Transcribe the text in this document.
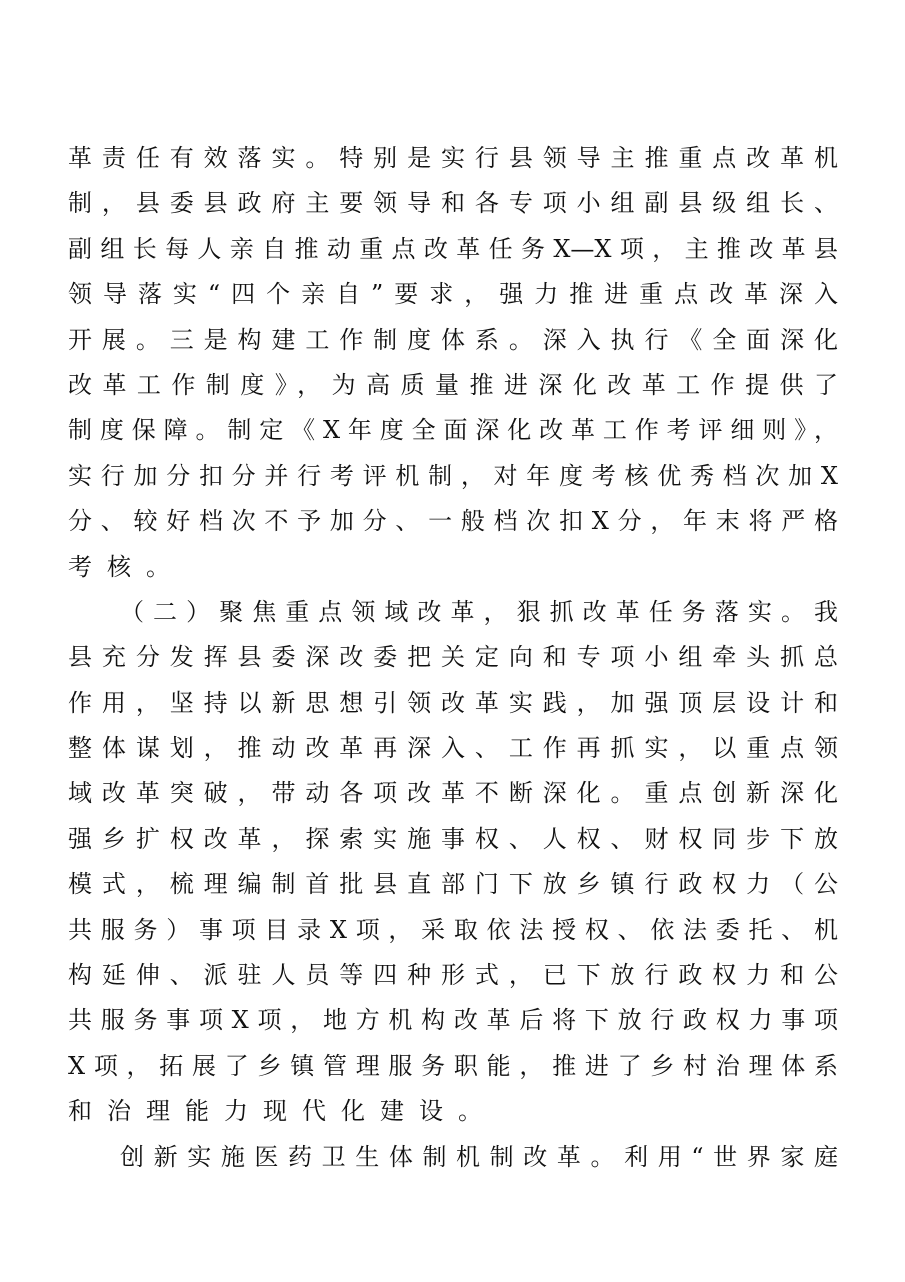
革责任有效落实。特别是实行县领导主推重点改革机
制，县委县政府主要领导和各专项小组副县级组长、
副组长每人亲自推动重点改革任务X—X项，主推改革县
领导落实“四个亲自”要求，强力推进重点改革深入
开展。三是构建工作制度体系。深入执行《全面深化
改革工作制度》，为高质量推进深化改革工作提供了
制度保障。制定《X年度全面深化改革工作考评细则》，
实行加分扣分并行考评机制，对年度考核优秀档次加X
分、较好档次不予加分、一般档次扣X分，年末将严格
考核。
（二）聚焦重点领域改革，狠抓改革任务落实。我
县充分发挥县委深改委把关定向和专项小组牵头抓总
作用，坚持以新思想引领改革实践，加强顶层设计和
整体谋划，推动改革再深入、工作再抓实，以重点领
域改革突破，带动各项改革不断深化。重点创新深化
强乡扩权改革，探索实施事权、人权、财权同步下放
模式，梳理编制首批县直部门下放乡镇行政权力（公
共服务）事项目录X项，采取依法授权、依法委托、机
构延伸、派驻人员等四种形式，已下放行政权力和公
共服务事项X项，地方机构改革后将下放行政权力事项
X项，拓展了乡镇管理服务职能，推进了乡村治理体系
和治理能力现代化建设。
创新实施医药卫生体制机制改革。利用“世界家庭
